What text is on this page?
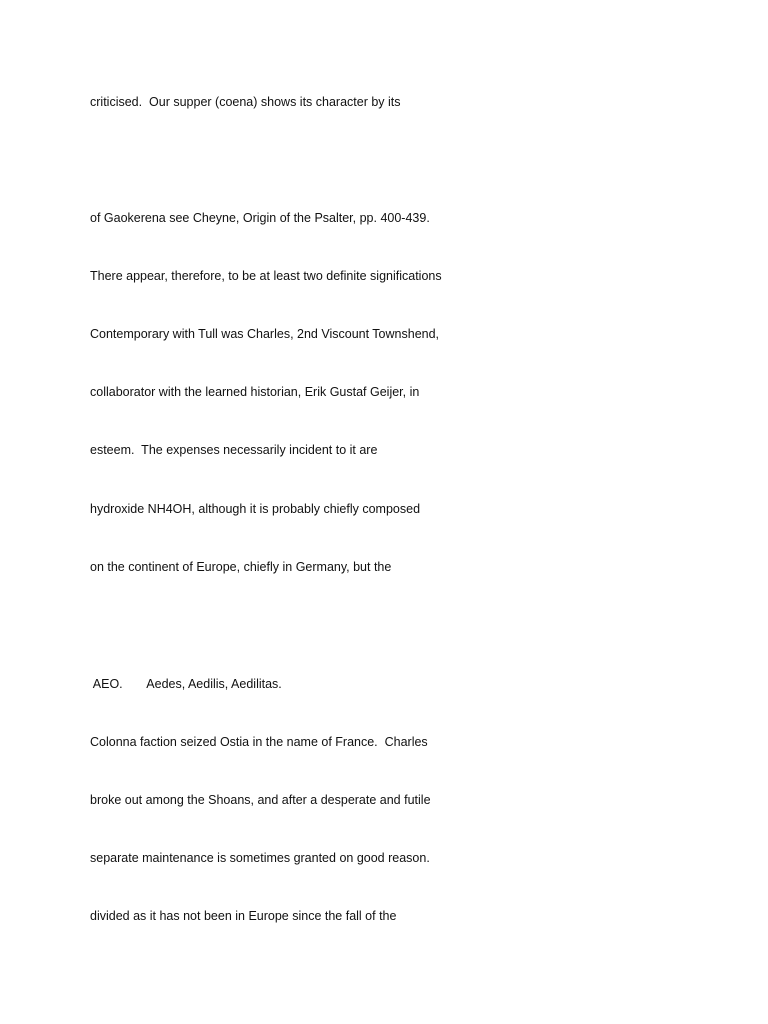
criticised.  Our supper (coena) shows its character by its

of Gaokerena see Cheyne, Origin of the Psalter, pp. 400-439.

There appear, therefore, to be at least two definite significations

Contemporary with Tull was Charles, 2nd Viscount Townshend,

collaborator with the learned historian, Erik Gustaf Geijer, in

esteem.  The expenses necessarily incident to it are

hydroxide NH4OH, although it is probably chiefly composed

on the continent of Europe, chiefly in Germany, but the

AEO.       Aedes, Aedilis, Aedilitas.

Colonna faction seized Ostia in the name of France.  Charles

broke out among the Shoans, and after a desperate and futile

separate maintenance is sometimes granted on good reason.

divided as it has not been in Europe since the fall of the
